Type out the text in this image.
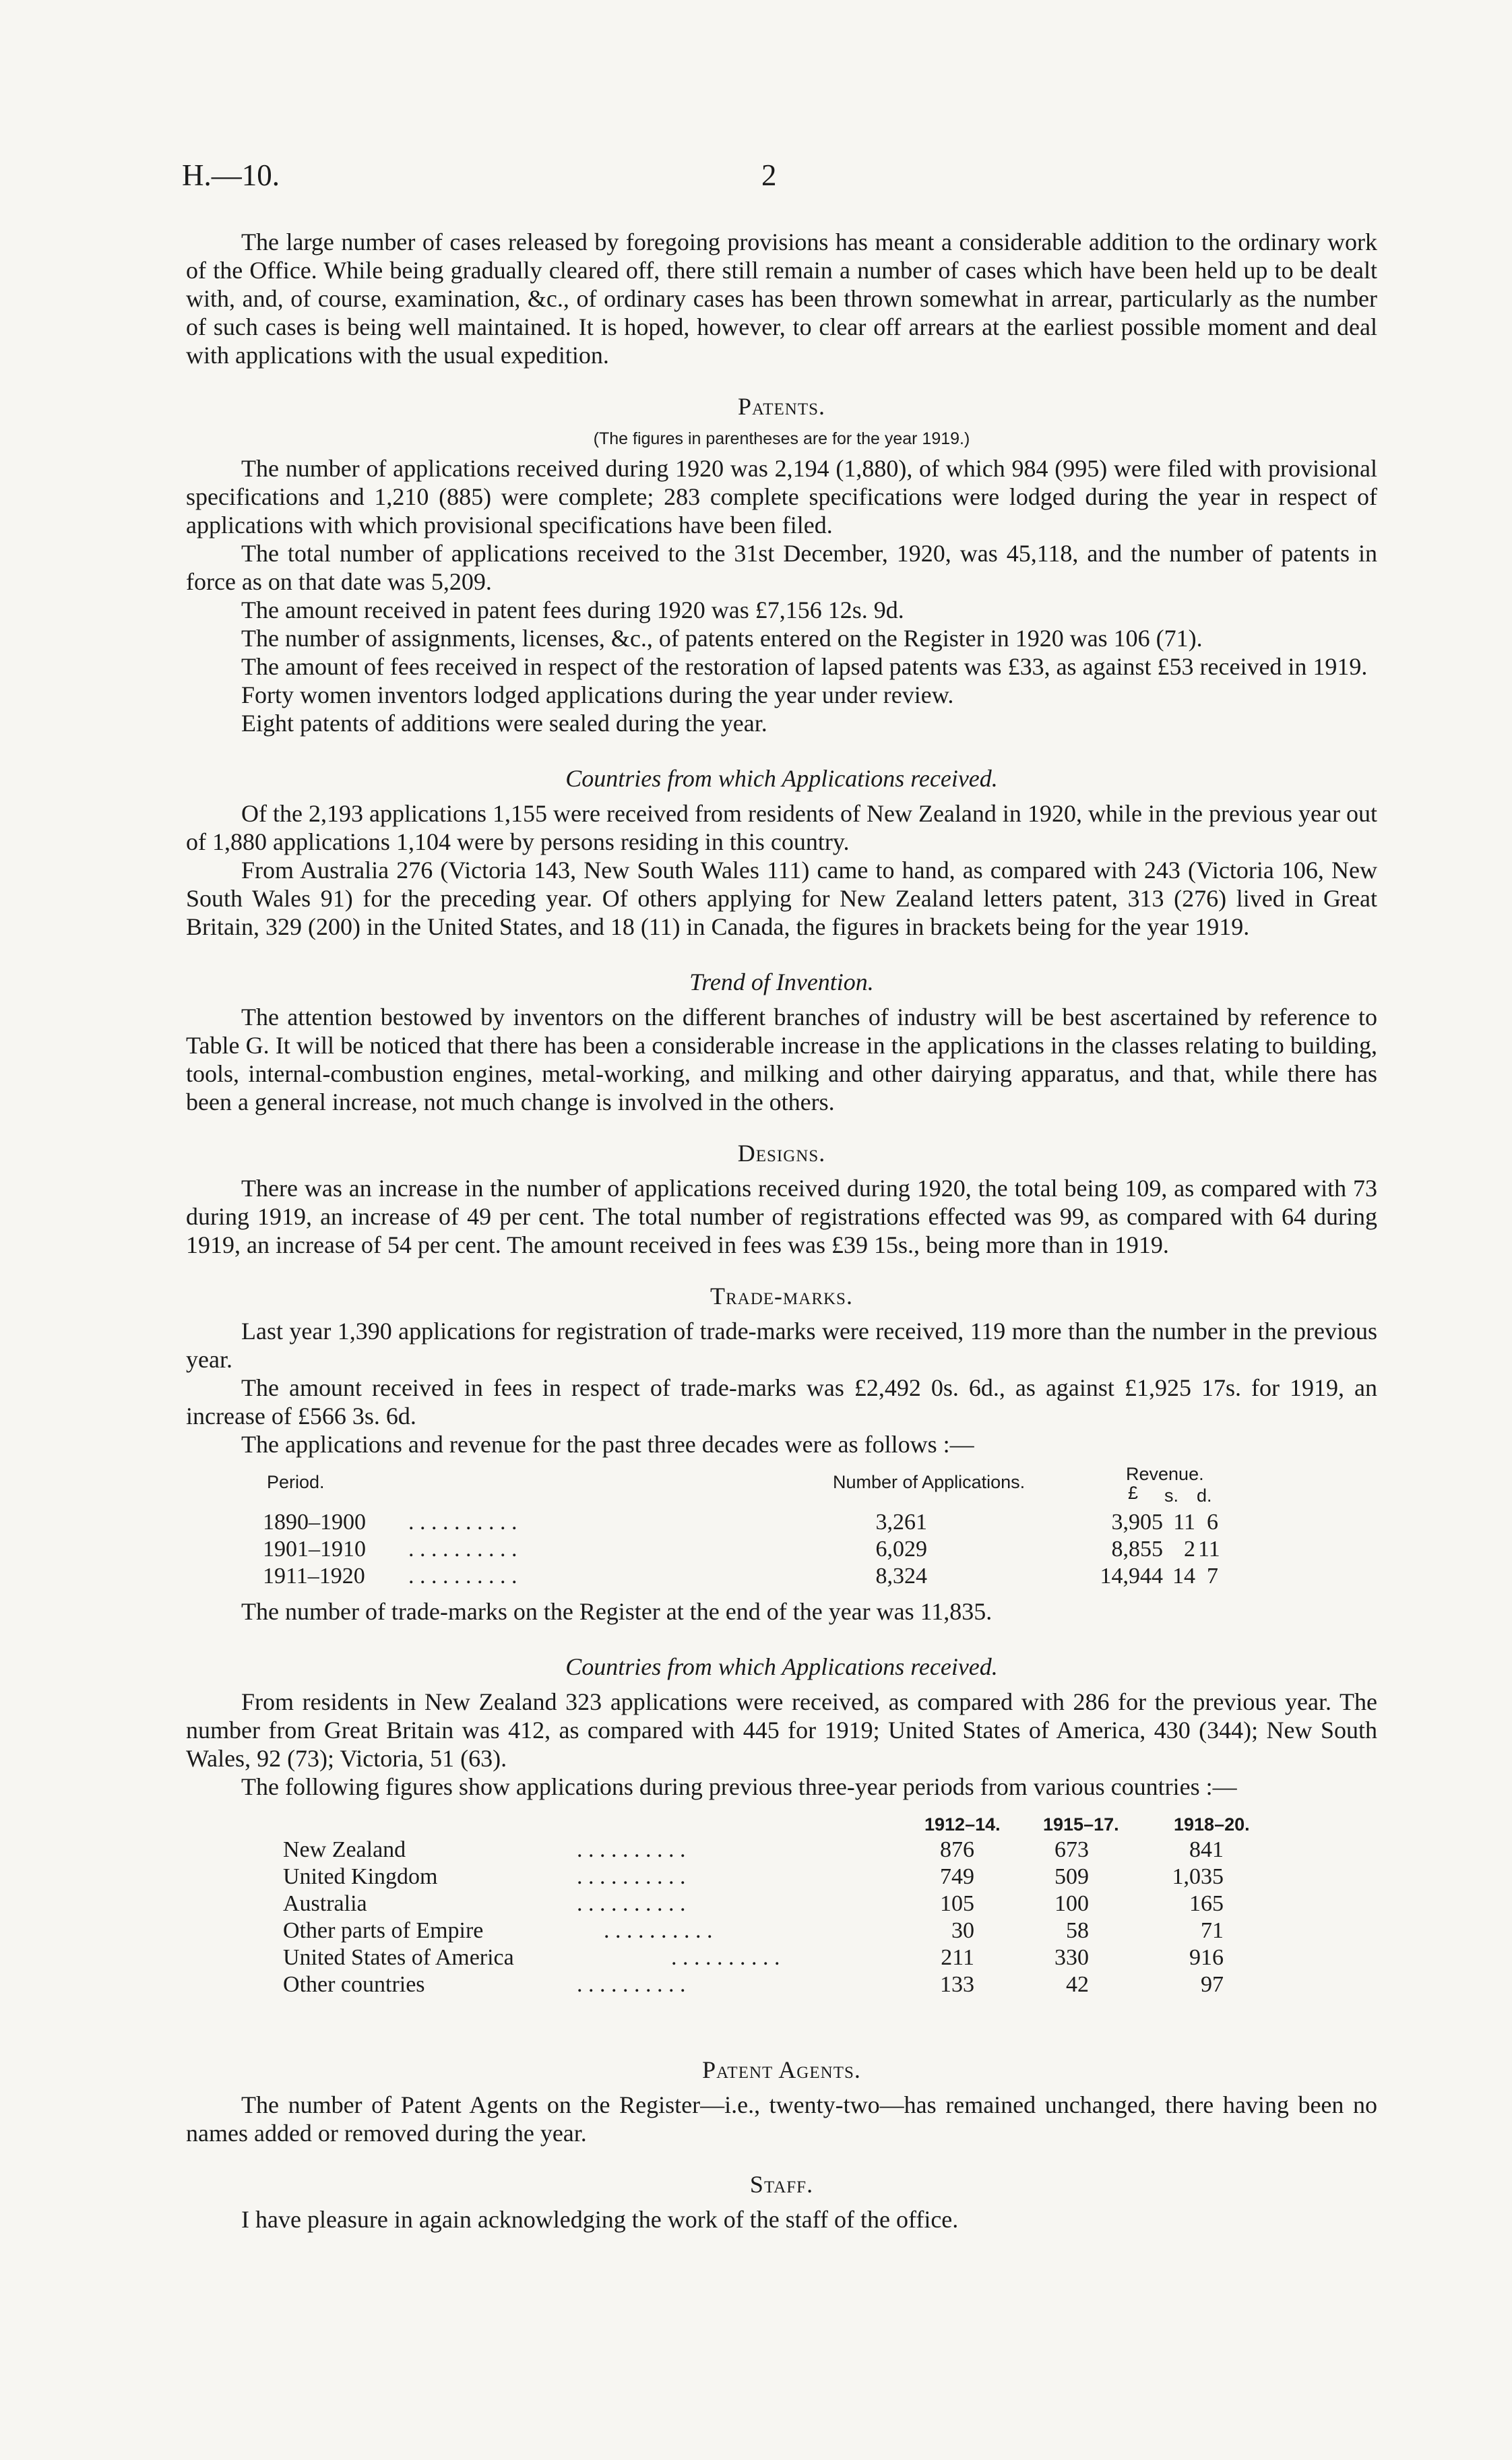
H.—10.	2

The large number of cases released by foregoing provisions has meant a considerable addition to the ordinary work of the Office. While being gradually cleared off, there still remain a number of cases which have been held up to be dealt with, and, of course, examination, &c., of ordinary cases has been thrown somewhat in arrear, particularly as the number of such cases is being well maintained. It is hoped, however, to clear off arrears at the earliest possible moment and deal with applications with the usual expedition.

Patents.
(The figures in parentheses are for the year 1919.)

The number of applications received during 1920 was 2,194 (1,880), of which 984 (995) were filed with provisional specifications and 1,210 (885) were complete; 283 complete specifications were lodged during the year in respect of applications with which provisional specifications have been filed.

The total number of applications received to the 31st December, 1920, was 45,118, and the number of patents in force as on that date was 5,209.

The amount received in patent fees during 1920 was £7,156 12s. 9d.

The number of assignments, licenses, &c., of patents entered on the Register in 1920 was 106 (71).

The amount of fees received in respect of the restoration of lapsed patents was £33, as against £53 received in 1919.

Forty women inventors lodged applications during the year under review.

Eight patents of additions were sealed during the year.

Countries from which Applications received.

Of the 2,193 applications 1,155 were received from residents of New Zealand in 1920, while in the previous year out of 1,880 applications 1,104 were by persons residing in this country.

From Australia 276 (Victoria 143, New South Wales 111) came to hand, as compared with 243 (Victoria 106, New South Wales 91) for the preceding year. Of others applying for New Zealand letters patent, 313 (276) lived in Great Britain, 329 (200) in the United States, and 18 (11) in Canada, the figures in brackets being for the year 1919.

Trend of Invention.

The attention bestowed by inventors on the different branches of industry will be best ascertained by reference to Table G. It will be noticed that there has been a considerable increase in the applications in the classes relating to building, tools, internal-combustion engines, metal-working, and milking and other dairying apparatus, and that, while there has been a general increase, not much change is involved in the others.

Designs.

There was an increase in the number of applications received during 1920, the total being 109, as compared with 73 during 1919, an increase of 49 per cent. The total number of registrations effected was 99, as compared with 64 during 1919, an increase of 54 per cent. The amount received in fees was £39 15s., being more than in 1919.

Trade-marks.

Last year 1,390 applications for registration of trade-marks were received, 119 more than the number in the previous year.

The amount received in fees in respect of trade-marks was £2,492 0s. 6d., as against £1,925 17s. for 1919, an increase of £566 3s. 6d.

The applications and revenue for the past three decades were as follows :—

Period.	Number of Applications.	Revenue.
£ s. d.
1890–1900 . . . . . . . . . .	3,261	3,905 11 6
1901–1910 . . . . . . . . . .	6,029	8,855 2 11
1911–1920 . . . . . . . . . .	8,324	14,944 14 7

The number of trade-marks on the Register at the end of the year was 11,835.

Countries from which Applications received.

From residents in New Zealand 323 applications were received, as compared with 286 for the previous year. The number from Great Britain was 412, as compared with 445 for 1919; United States of America, 430 (344); New South Wales, 92 (73); Victoria, 51 (63).

The following figures show applications during previous three-year periods from various countries :—

1912–14. 1915–17.	1918–20.
New Zealand	. . . . . . . . . .	876	673	841
United Kingdom	. . . . . . . . . .	749	509	1,035
Australia	. . . . . . . . . .	105	100	165
Other parts of Empire	. . . . . . . . . .	30	58	71
United States of America	. . . . . . . . . .	211	330	916
Other countries	. . . . . . . . . .	133	42	97
Patent Agents.

The number of Patent Agents on the Register—i.e., twenty-two—has remained unchanged, there having been no names added or removed during the year.

Staff.

I have pleasure in again acknowledging the work of the staff of the office.
